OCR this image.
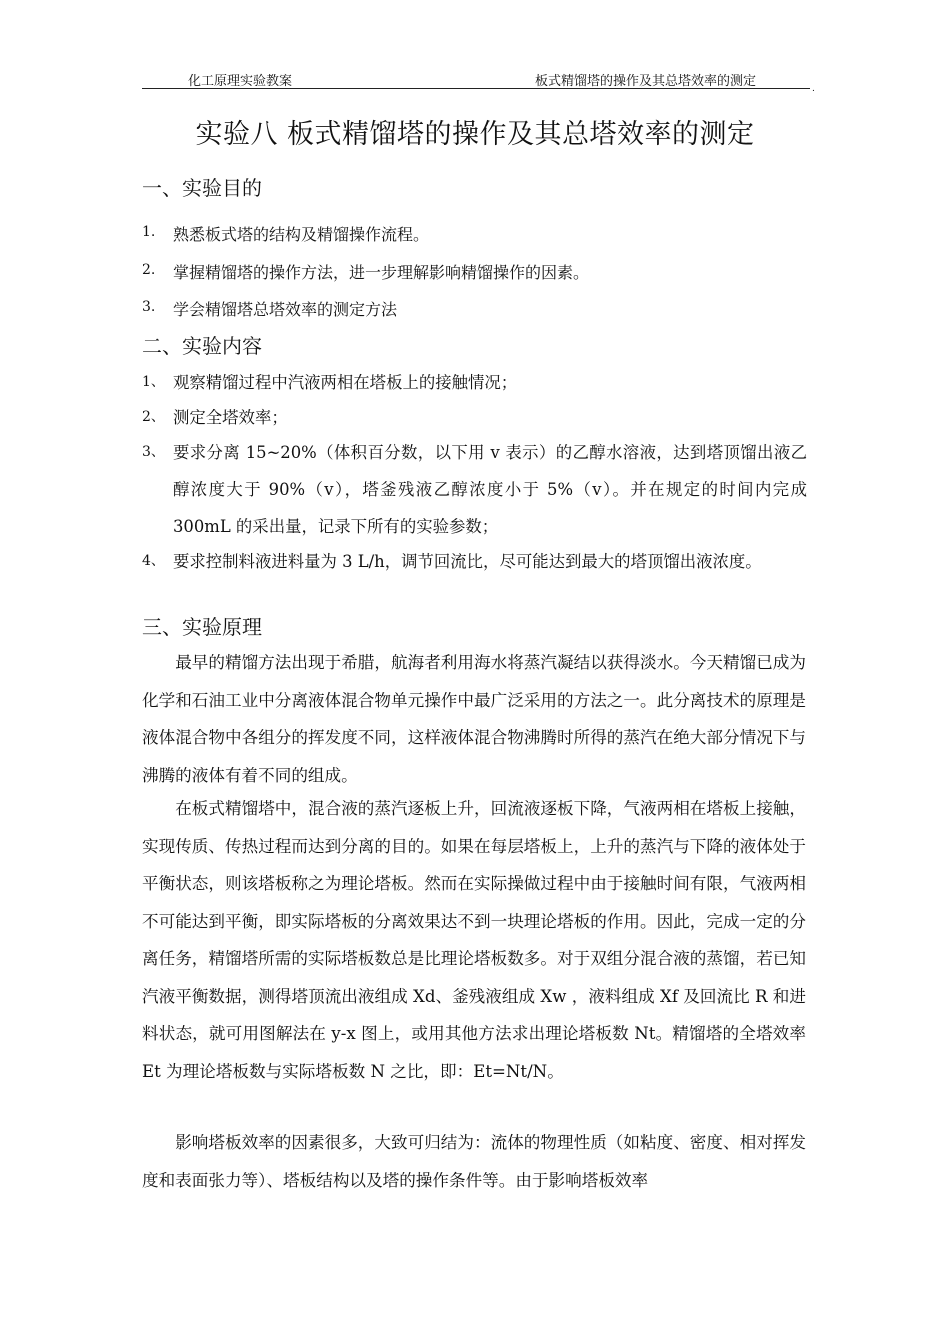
化工原理实验教案	板式精馏塔的操作及其总塔效率的测定	.
实验八 板式精馏塔的操作及其总塔效率的测定
一、实验目的
1. 熟悉板式塔的结构及精馏操作流程。
2. 掌握精馏塔的操作方法，进一步理解影响精馏操作的因素。
3. 学会精馏塔总塔效率的测定方法
二、实验内容
1、 观察精馏过程中汽液两相在塔板上的接触情况；
2、 测定全塔效率；
3、 要求分离 15~20%（体积百分数，以下用 v 表示）的乙醇水溶液，达到塔顶馏出液乙醇浓度大于 90%（v），塔釜残液乙醇浓度小于 5%（v）。并在规定的时间内完成 300mL 的采出量，记录下所有的实验参数；
4、 要求控制料液进料量为 3 L/h，调节回流比，尽可能达到最大的塔顶馏出液浓度。
三、实验原理
最早的精馏方法出现于希腊，航海者利用海水将蒸汽凝结以获得淡水。今天精馏已成为化学和石油工业中分离液体混合物单元操作中最广泛采用的方法之一。此分离技术的原理是液体混合物中各组分的挥发度不同，这样液体混合物沸腾时所得的蒸汽在绝大部分情况下与沸腾的液体有着不同的组成。
在板式精馏塔中，混合液的蒸汽逐板上升，回流液逐板下降，气液两相在塔板上接触，实现传质、传热过程而达到分离的目的。如果在每层塔板上，上升的蒸汽与下降的液体处于平衡状态，则该塔板称之为理论塔板。然而在实际操做过程中由于接触时间有限，气液两相不可能达到平衡，即实际塔板的分离效果达不到一块理论塔板的作用。因此，完成一定的分离任务，精馏塔所需的实际塔板数总是比理论塔板数多。对于双组分混合液的蒸馏，若已知汽液平衡数据，测得塔顶流出液组成 Xd、釜残液组成 Xw ，液料组成 Xf 及回流比 R 和进料状态，就可用图解法在 y-x 图上，或用其他方法求出理论塔板数 Nt。精馏塔的全塔效率 Et 为理论塔板数与实际塔板数 N 之比，即：Et=Nt/N。
影响塔板效率的因素很多，大致可归结为：流体的物理性质（如粘度、密度、相对挥发度和表面张力等）、塔板结构以及塔的操作条件等。由于影响塔板效率
